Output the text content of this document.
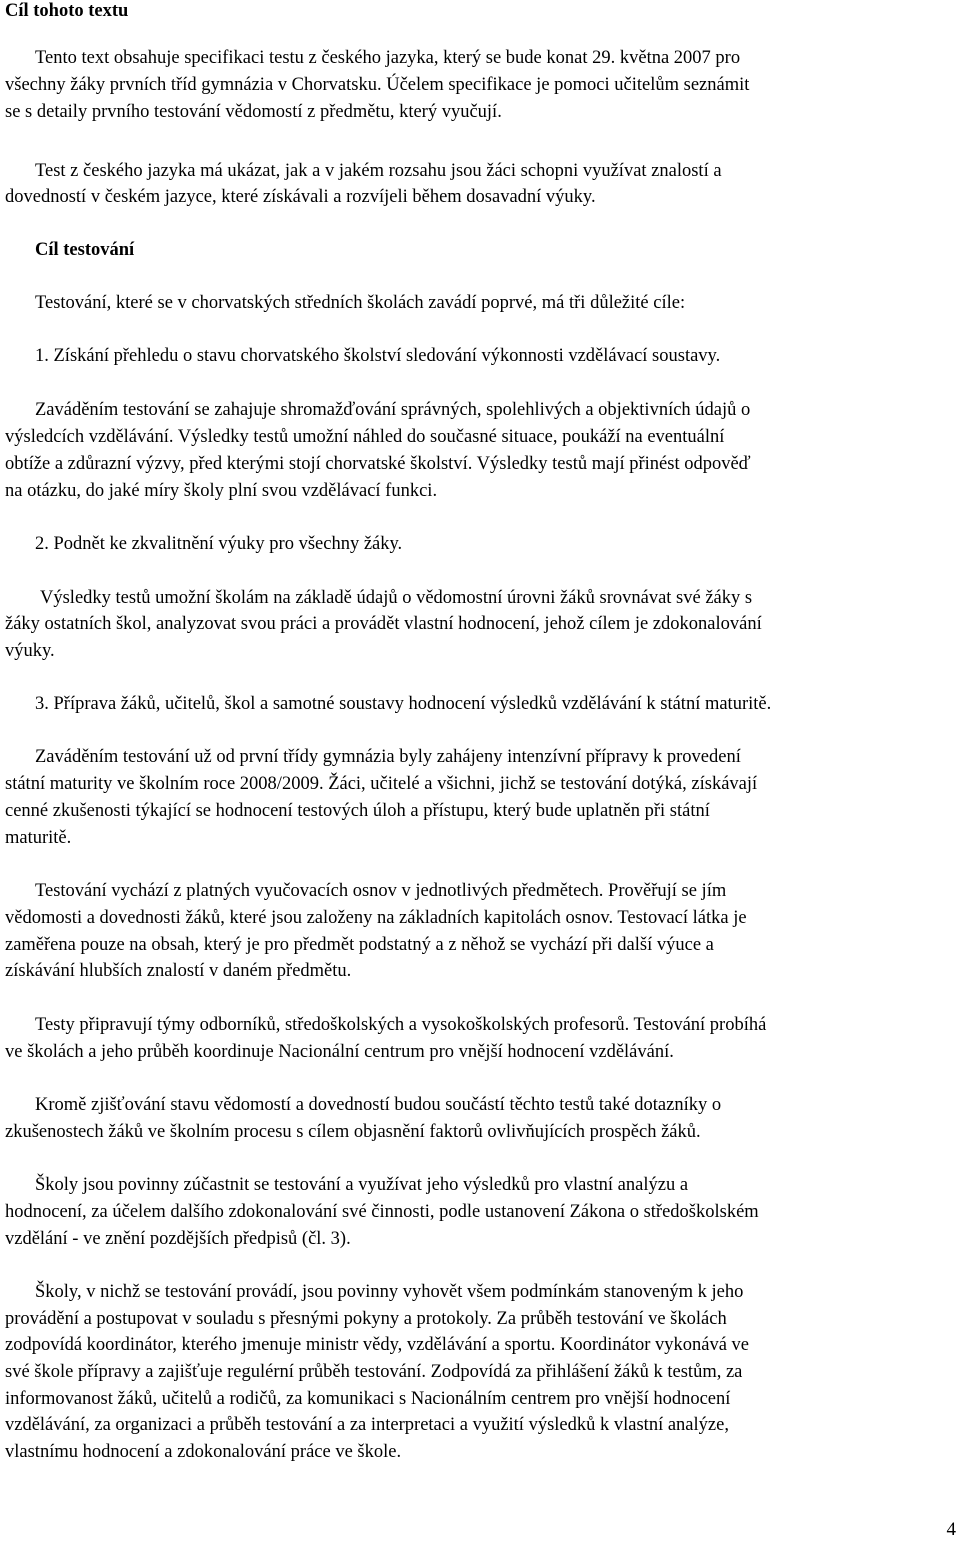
Cíl tohoto textu

Tento text obsahuje specifikaci testu z českého jazyka, který se bude konat 29. května 2007 pro

všechny žáky prvních tříd gymnázia v Chorvatsku. Účelem specifikace je pomoci učitelům seznámit

se s detaily prvního testování vědomostí z předmětu, který vyučují.

Test z českého jazyka má ukázat, jak a v jakém rozsahu jsou žáci schopni využívat znalostí a

dovedností v českém jazyce, které získávali a rozvíjeli během dosavadní výuky.

Cíl testování

Testování, které se v chorvatských středních školách zavádí poprvé, má tři důležité cíle:

1. Získání přehledu o stavu chorvatského školství sledování výkonnosti vzdělávací soustavy.

Zaváděním testování se zahajuje shromažďování správných, spolehlivých a objektivních údajů o

výsledcích vzdělávání. Výsledky testů umožní náhled do současné situace, poukáží na eventuální

obtíže a zdůrazní výzvy, před kterými stojí chorvatské školství. Výsledky testů mají přinést odpověď

na otázku, do jaké míry školy plní svou vzdělávací funkci.

2. Podnět ke zkvalitnění výuky pro všechny žáky.

Výsledky testů umožní školám na základě údajů o vědomostní úrovni žáků srovnávat své žáky s

žáky ostatních škol, analyzovat svou práci a provádět vlastní hodnocení, jehož cílem je zdokonalování

výuky.

3. Příprava žáků, učitelů, škol a samotné soustavy hodnocení výsledků vzdělávání k státní maturitě.

Zaváděním testování už od první třídy gymnázia byly zahájeny intenzívní přípravy k provedení

státní maturity ve školním roce 2008/2009. Žáci, učitelé a všichni, jichž se testování dotýká, získávají

cenné zkušenosti týkající se hodnocení testových úloh a přístupu, který bude uplatněn při státní

maturitě.

Testování vychází z platných vyučovacích osnov v jednotlivých předmětech. Prověřují se jím

vědomosti a dovednosti žáků, které jsou založeny na základních kapitolách osnov. Testovací látka je

zaměřena pouze na obsah, který je pro předmět podstatný a z něhož se vychází při další výuce a

získávání hlubších znalostí v daném předmětu.

Testy připravují týmy odborníků, středoškolských a vysokoškolských profesorů. Testování probíhá

ve školách a jeho průběh koordinuje Nacionální centrum pro vnější hodnocení vzdělávání.

Kromě zjišťování stavu vědomostí a dovedností budou součástí těchto testů také dotazníky o

zkušenostech žáků ve školním procesu s cílem objasnění faktorů ovlivňujících prospěch žáků.

Školy jsou povinny zúčastnit se testování a využívat jeho výsledků pro vlastní analýzu a

hodnocení, za účelem dalšího zdokonalování své činnosti, podle ustanovení Zákona o středoškolském

vzdělání - ve znění pozdějších předpisů (čl. 3).

Školy, v nichž se testování provádí, jsou povinny vyhovět všem podmínkám stanoveným k jeho

provádění a postupovat v souladu s přesnými pokyny a protokoly. Za průběh testování ve školách

zodpovídá koordinátor, kterého jmenuje ministr vědy, vzdělávání a sportu. Koordinátor vykonává ve

své škole přípravy a zajišťuje regulérní průběh testování. Zodpovídá za přihlášení žáků k testům, za

informovanost žáků, učitelů a rodičů, za komunikaci s Nacionálním centrem pro vnější hodnocení

vzdělávání, za organizaci a průběh testování a za interpretaci a využití výsledků k vlastní analýze,

vlastnímu hodnocení a zdokonalování práce ve škole.

4
